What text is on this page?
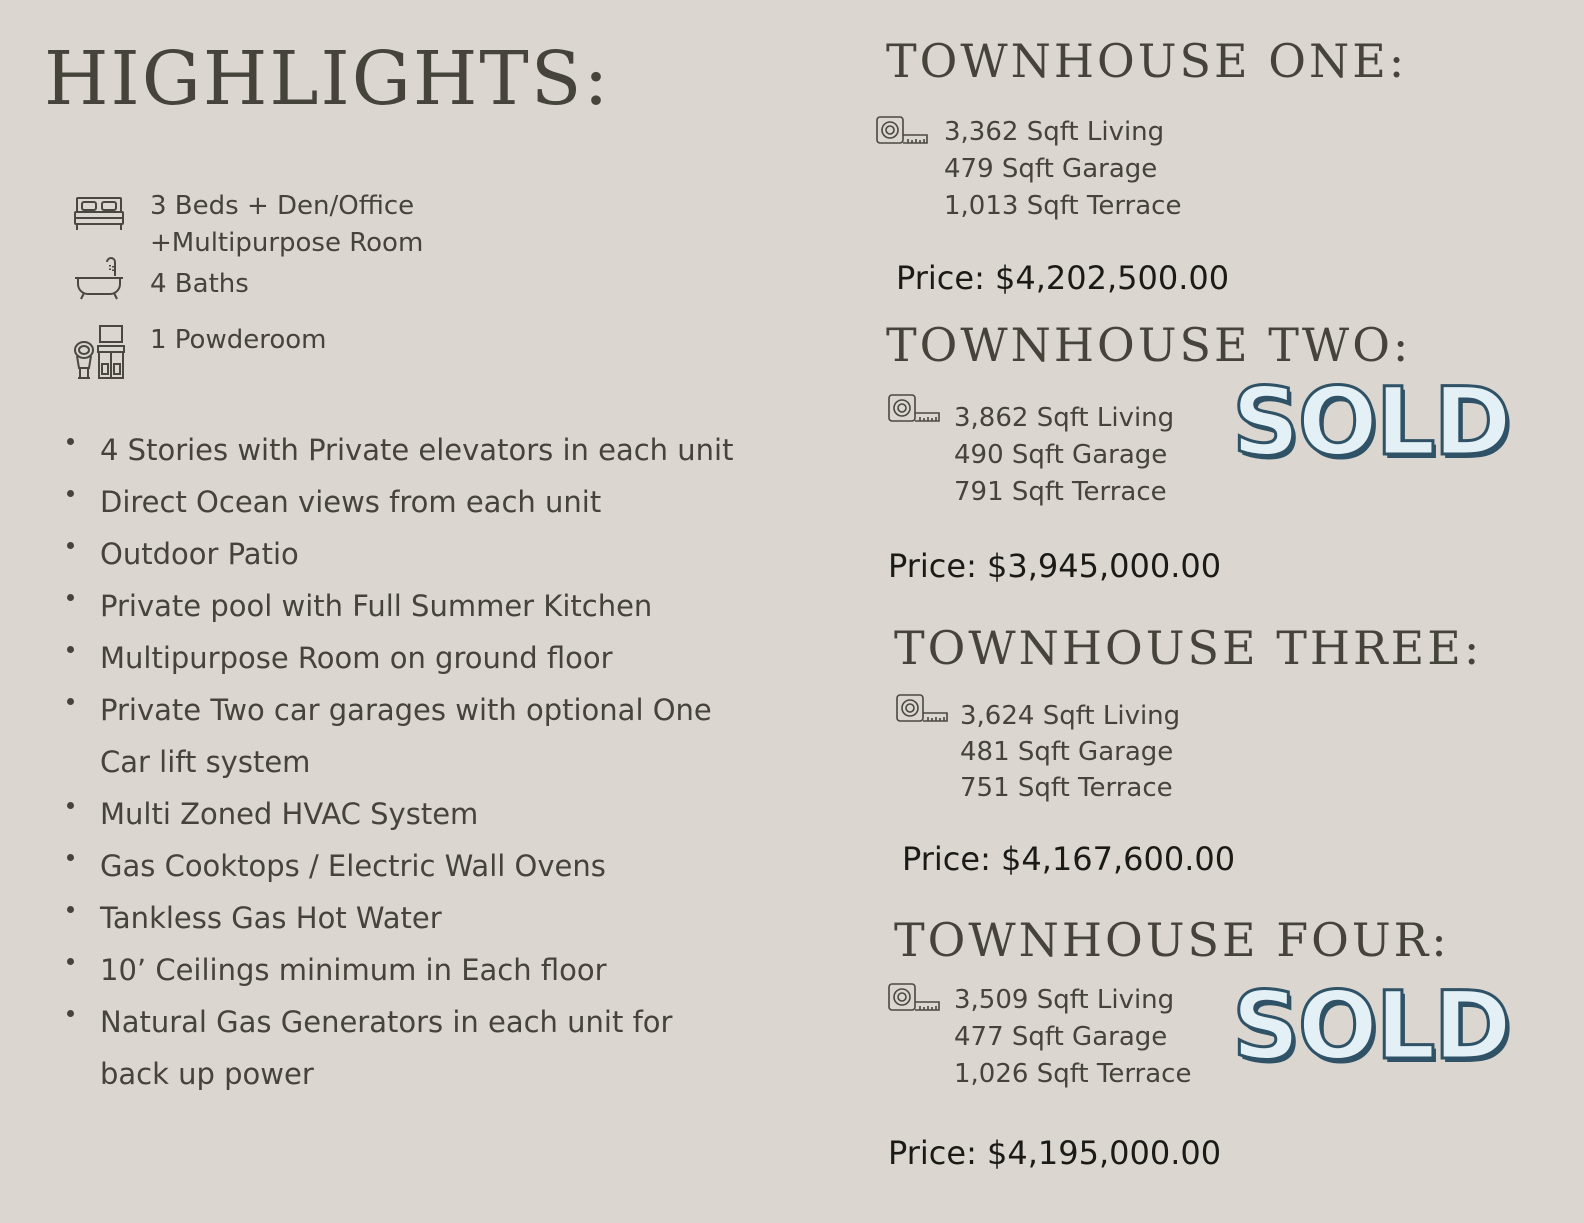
HIGHLIGHTS:
3 Beds + Den/Office
+Multipurpose Room
4 Baths
1 Powderoom
4 Stories with Private elevators in each unit
Direct Ocean views from each unit
Outdoor Patio
Private pool with Full Summer Kitchen
Multipurpose Room on ground floor
Private Two car garages with optional One Car lift system
Multi Zoned HVAC System
Gas Cooktops / Electric Wall Ovens
Tankless Gas Hot Water
10’ Ceilings minimum in Each floor
Natural Gas Generators in each unit for back up power
TOWNHOUSE ONE:
3,362 Sqft Living
479 Sqft Garage
1,013 Sqft Terrace
Price: $4,202,500.00
TOWNHOUSE TWO:
3,862 Sqft Living
490 Sqft Garage
791 Sqft Terrace
SOLD
Price: $3,945,000.00
TOWNHOUSE THREE:
3,624 Sqft Living
481 Sqft Garage
751 Sqft Terrace
Price: $4,167,600.00
TOWNHOUSE FOUR:
3,509 Sqft Living
477 Sqft Garage
1,026 Sqft Terrace SOLD
Price: $4,195,000.00
